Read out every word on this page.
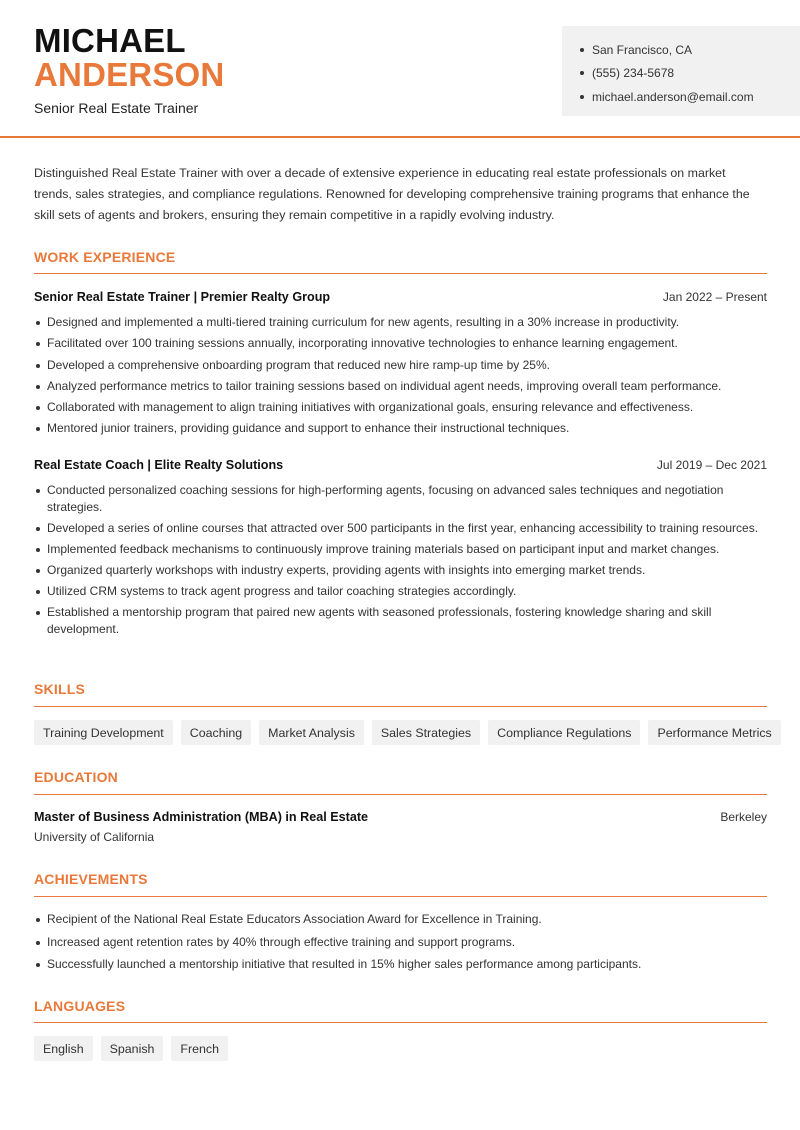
MICHAEL
ANDERSON
Senior Real Estate Trainer
San Francisco, CA
(555) 234-5678
michael.anderson@email.com

Distinguished Real Estate Trainer with over a decade of extensive experience in educating real estate professionals on market trends, sales strategies, and compliance regulations. Renowned for developing comprehensive training programs that enhance the skill sets of agents and brokers, ensuring they remain competitive in a rapidly evolving industry.

WORK EXPERIENCE
Senior Real Estate Trainer | Premier Realty Group	Jan 2022 – Present
Designed and implemented a multi-tiered training curriculum for new agents, resulting in a 30% increase in productivity.
Facilitated over 100 training sessions annually, incorporating innovative technologies to enhance learning engagement.
Developed a comprehensive onboarding program that reduced new hire ramp-up time by 25%.
Analyzed performance metrics to tailor training sessions based on individual agent needs, improving overall team performance.
Collaborated with management to align training initiatives with organizational goals, ensuring relevance and effectiveness.
Mentored junior trainers, providing guidance and support to enhance their instructional techniques.
Real Estate Coach | Elite Realty Solutions	Jul 2019 – Dec 2021
Conducted personalized coaching sessions for high-performing agents, focusing on advanced sales techniques and negotiation strategies.
Developed a series of online courses that attracted over 500 participants in the first year, enhancing accessibility to training resources.
Implemented feedback mechanisms to continuously improve training materials based on participant input and market changes.
Organized quarterly workshops with industry experts, providing agents with insights into emerging market trends.
Utilized CRM systems to track agent progress and tailor coaching strategies accordingly.
Established a mentorship program that paired new agents with seasoned professionals, fostering knowledge sharing and skill development.
SKILLS
Training Development	Coaching	Market Analysis	Sales Strategies	Compliance Regulations	Performance Metrics
EDUCATION
Master of Business Administration (MBA) in Real Estate	Berkeley
University of California
ACHIEVEMENTS
Recipient of the National Real Estate Educators Association Award for Excellence in Training.
Increased agent retention rates by 40% through effective training and support programs.
Successfully launched a mentorship initiative that resulted in 15% higher sales performance among participants.
LANGUAGES
English	Spanish	French
